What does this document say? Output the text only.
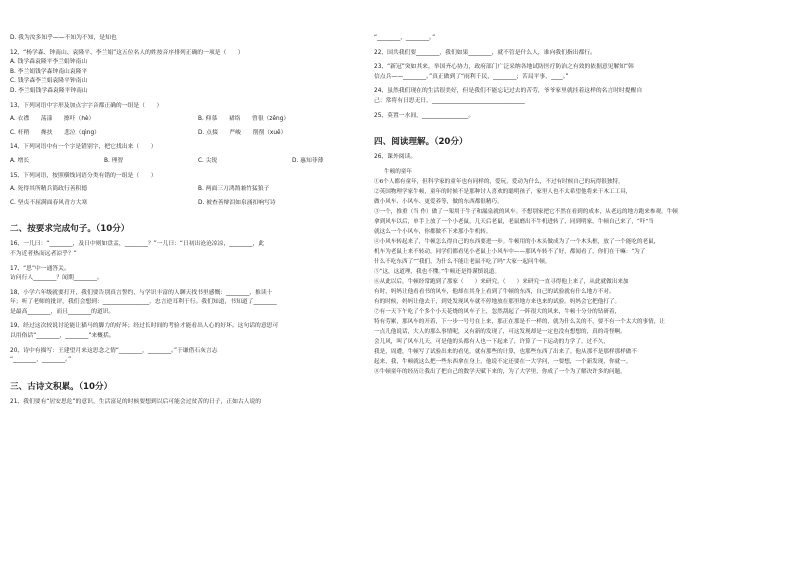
D. 我为汝多知乎——不知为不知，是知也
12、“杨学森、钟南山、袁隆平、李兰娟”这五位名人的姓按音序排列正确的一项是（　　）
A. 钱学森袁隆平李兰娟钟南山
B. 李兰娟钱学森钟南山袁隆平
C. 钱学森李兰娟袁隆平钟南山
D. 李兰娟钱学森袁隆平钟南山
13、下列词语中字形及加点字字音都正确的一组是（　　）
A. 衣襟　　荡漾　　擦吓（hè）	B. 仰慕　　裙络　　曾很（zēng）
C. 杆稍　　搀扶　　悲泣（qìng）	D. 点掇　　严峻　　削削（xuē）
14、下列词语中有一个字是错别字，把它找出来（　　）
A. 增长	B. 理智	C. 尖锐	D. 惠知菲薄
15、下列词语，按照横线词语分类有错的一组是（　　）
A. 死得其所精兵简政行善积德	B. 两面三刀鸿鹄兼竹猛狼子
C. 坚贞不屈满面春风青方大寒	D. 被查善辩泪如泉涌扣响写诗
二、按要求完成句子。（10分）
16、一儿曰：“________，及日中则如盘盂，________？”一儿曰：“日初出沧沧凉凉，________，此
不为近者热而远者凉乎？”
17、“思”中一通答关。
访问行人________？闻期________。
18、小学六年级就要打开，我们要告别真言誓约，与学识丰富的人聊天找书里感慨：________，推读十
年；听了老师的批评，我们会想到：________________，忠言逆耳利于行。我们知道，书知道了________
是最高________，而且________的道识。
19、经过这次较说讨论能让猫马的脚力的好坏；经过长时间的考验才能看出人心的好坏。这句话的意思可
以用俗话“________，________”来概括。
20、诗中有描写：王建望月来这思念之情“________，________。”于谦借石灰言志
“________，________。”
三、古诗文积累。（10分）
21、我们要有“居安思危”的意识，生活富足的时候要想到以后可能会过贫苦的日子，正如古人说的
“________，________。”
22、国共我们要________，我们如果________，就不管是什么人，谁向我们指出都行。
23、“新冠”突如其来，举国齐心协力，政府部门广泛采纳各地试防医疗防治之有效的依据意见解知“韩
信点兵——________。”真正做到了“雨利千民，________；苦局平事，____。”
24、虽然我们现在的生活很美好，但是我们不能忘记过去的苦劳，爷爷家里就挂着这样的名言时时提醒自
己：常将有日思无日，________________________________
25、莫置一水间，________________。
四、阅读理解。（20分）
26、课外阅读。
牛顿的童年
①6个人都有童年，但科学家的童年也有同样的，爱玩，爱动为什么，不过有时候自己的玩得很独特。
②英国物理学家牛顿，童年的时候不是那种讨人喜欢的聪明孩子，家里人也不太希望他将来干木工工具，
做小风车、小风车、更爱养等，做的东西都很精巧。
③一个，推重（当 作）做了一架用于牛子和漏泉就的风车。不想别家把它不然在看到的成本，从老远的地方跑来参观。牛顿
拿到风车以后，单手上放了一个小老鼠，几天后老鼠，老鼠磨出不牛机进转了，同到明家，牛顿自己来了，“吓”当
就这么一个小风车，你都做不下来那小牛机转。
④小风车转起来了，牛顿怎么得自己的东西要进一步。牛顿用的小木头做成为了一个木头框，放了一个能吃的老鼠，
机车为老鼠上来不转动，同学们都看见小老鼠上小风车中——那风车转不了好，都闻看了，你们在干嘛：“为了
什么不吃东西了”“我们，为什么不能让老鼠不吃了吗”大家一起问牛顿。
⑤“这，这道理，我也不懂。”牛顿还是得谨慎说道。
⑥从此以后，牛顿经常跑到了那家（　　）来研究，（　　）来研究一直寻得他上来了，从此就做出来加
有时，妈妈让他看看书的风车，他却在其身上看到了牛顿的东西，自己的试验就有什么地方不对。
有的时候，妈妈让他去干，到处发现风车就不停地放在那里地方来也来的试验。妈妈会它把他打了。
⑦有一天下午吃了个多个小天花烧的风车子上，忽然刮起了一阵很大的风来，牛顿十分分的钻研着，
特有劳累，那风车的开着，下一步一号号在上来，那正在那是不一样的，就为什么关的不，要不有一个太大的事情，让
一点儿他说话，大人的那么事情呢，又有新的发现了，可这发现却是一定也没有想想的，真的奇怪啊。
会儿风，叫了风车几天，可是他的头都有人也一下起来了，许算了一下运动的力学了。过不久，
我是，周遭，牛顿写了试验出来的看见，就有那些的计算，也那些东西了出来了。他从那不是那样那样做不
起来，我，牛顿就这么把一些东西拿在身上，他说不定还要在一大学问，一要想，一个新发现，你就一。
⑧牛顿童年的经历让我出了把自己的数学天赋下来的，为了大学里，你成了一个为了解决许多的问题。
